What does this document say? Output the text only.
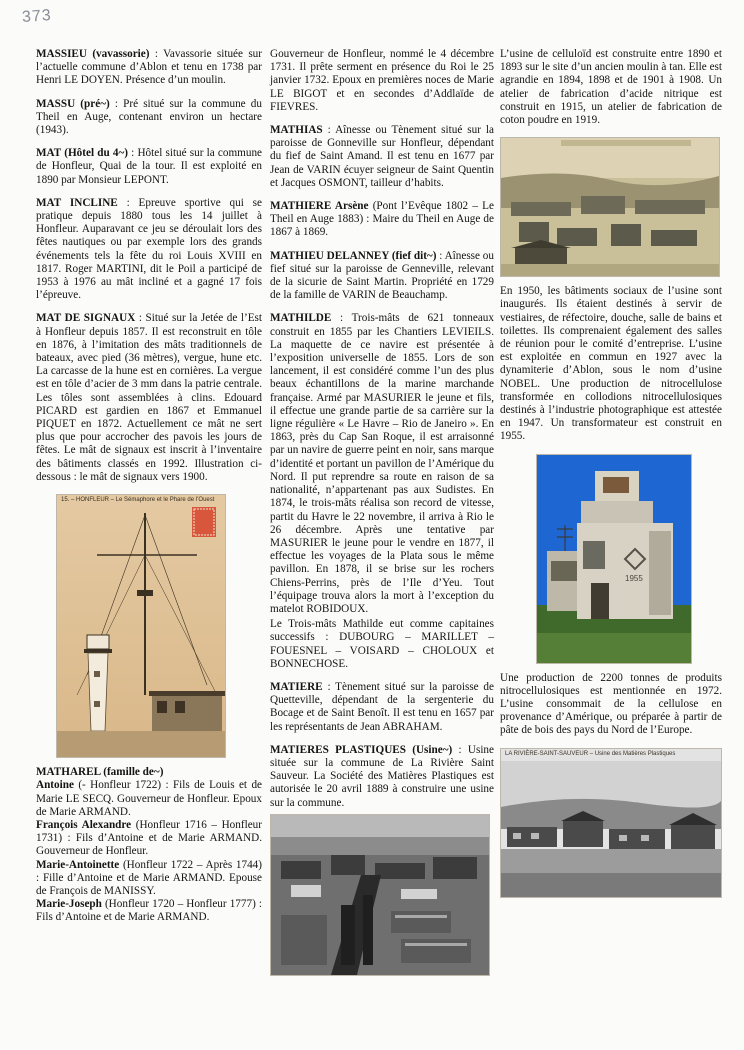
373

MASSIEU (vavassorie) : Vavassorie située sur l’actuelle commune d’Ablon et tenu en 1738 par Henri LE DOYEN. Présence d’un moulin.

MASSU (pré~) : Pré situé sur la commune du Theil en Auge, contenant environ un hectare (1943).

MAT (Hôtel du 4~) : Hôtel situé sur la commune de Honfleur, Quai de la tour. Il est exploité en 1890 par Monsieur LEPONT.

MAT INCLINE : Epreuve sportive qui se pratique depuis 1880 tous les 14 juillet à Honfleur. Auparavant ce jeu se déroulait lors des fêtes nautiques ou par exemple lors des grands événements tels la fête du roi Louis XVIII en 1817. Roger MARTINI, dit le Poil a participé de 1953 à 1976 au mât incliné et a gagné 17 fois l’épreuve.

MAT DE SIGNAUX : Situé sur la Jetée de l’Est à Honfleur depuis 1857. Il est reconstruit en tôle en 1876, à l’imitation des mâts traditionnels de bateaux, avec pied (36 mètres), vergue, hune etc. La carcasse de la hune est en cornières. La vergue est en tôle d’acier de 3 mm dans la patrie centrale. Les tôles sont assemblées à clins. Edouard PICARD est gardien en 1867 et Emmanuel PIQUET en 1872. Actuellement ce mât ne sert plus que pour accrocher des pavois les jours de fêtes. Le mât de signaux est inscrit à l’inventaire des bâtiments classés en 1992. Illustration ci-dessous : le mât de signaux vers 1900.

15. – HONFLEUR – Le Sémaphore et le Phare de l’Ouest

MATHAREL (famille de~)

Antoine (- Honfleur 1722) : Fils de Louis et de Marie LE SECQ. Gouverneur de Honfleur. Epoux de Marie ARMAND.

François Alexandre (Honfleur 1716 – Honfleur 1731) : Fils d’Antoine et de Marie ARMAND. Gouverneur de Honfleur.

Marie-Antoinette (Honfleur 1722 – Après 1744) : Fille d’Antoine et de Marie ARMAND. Epouse de François de MANISSY.

Marie-Joseph (Honfleur 1720 – Honfleur 1777) : Fils d’Antoine et de Marie ARMAND.

Gouverneur de Honfleur, nommé le 4 décembre 1731. Il prête serment en présence du Roi le 25 janvier 1732. Epoux en premières noces de Marie LE BIGOT et en secondes d’Addlaïde de FIEVRES.

MATHIAS : Aînesse ou Tènement situé sur la paroisse de Gonneville sur Honfleur, dépendant du fief de Saint Amand. Il est tenu en 1677 par Jean de VARIN écuyer seigneur de Saint Quentin et Jacques OSMONT, tailleur d’habits.

MATHIERE Arsène (Pont l’Evêque 1802 – Le Theil en Auge 1883) : Maire du Theil en Auge de 1867 à 1869.

MATHIEU DELANNEY (fief dit~) : Aînesse ou fief situé sur la paroisse de Genneville, relevant de la sicurie de Saint Martin. Propriété en 1729 de la famille de VARIN de Beauchamp.

MATHILDE : Trois-mâts de 621 tonneaux construit en 1855 par les Chantiers LEVIEILS. La maquette de ce navire est présentée à l’exposition universelle de 1855. Lors de son lancement, il est considéré comme l’un des plus beaux échantillons de la marine marchande française. Armé par MASURIER le jeune et fils, il effectue une grande partie de sa carrière sur la ligne régulière « Le Havre – Rio de Janeiro ». En 1863, près du Cap San Roque, il est arraisonné par un navire de guerre peint en noir, sans marque d’identité et portant un pavillon de l’Amérique du Nord. Il put reprendre sa route en raison de sa nationalité, n’appartenant pas aux Sudistes. En 1874, le trois-mâts réalisa son record de vitesse, partit du Havre le 22 novembre, il arriva à Rio le 26 décembre. Après une tentative par MASURIER le jeune pour le vendre en 1877, il effectue les voyages de la Plata sous le même pavillon. En 1878, il se brise sur les rochers Chiens-Perrins, près de l’Ile d’Yeu. Tout l’équipage trouva alors la mort à l’exception du matelot ROBIDOUX.

Le Trois-mâts Mathilde eut comme capitaines successifs : DUBOURG – MARILLET – FOUESNEL – VOISARD – CHOLOUX et BONNECHOSE.

MATIERE : Tènement situé sur la paroisse de Quetteville, dépendant de la sergenterie du Bocage et de Saint Benoît. Il est tenu en 1657 par les représentants de Jean ABRAHAM.

MATIERES PLASTIQUES (Usine~) : Usine située sur la commune de La Rivière Saint Sauveur. La Société des Matières Plastiques est autorisée le 20 avril 1889 à construire une usine sur la commune.

L’usine de celluloïd est construite entre 1890 et 1893 sur le site d’un ancien moulin à tan. Elle est agrandie en 1894, 1898 et de 1901 à 1908. Un atelier de fabrication d’acide nitrique est construit en 1915, un atelier de fabrication de coton poudre en 1919.

En 1950, les bâtiments sociaux de l’usine sont inaugurés. Ils étaient destinés à servir de vestiaires, de réfectoire, douche, salle de bains et toilettes. Ils comprenaient également des salles de réunion pour le comité d’entreprise. L’usine est exploitée en commun en 1927 avec la dynamiterie d’Ablon, sous le nom d’usine NOBEL. Une production de nitrocellulose transformée en collodions nitrocellulosiques destinés à l’industrie photographique est attestée en 1947. Un transformateur est construit en 1955.

1955

Une production de 2200 tonnes de produits nitrocellulosiques est mentionnée en 1972. L’usine consommait de la cellulose en provenance d’Amérique, ou préparée à partir de pâte de bois des pays du Nord de l’Europe.

LA RIVIÈRE-SAINT-SAUVEUR – Usine des Matières Plastiques
